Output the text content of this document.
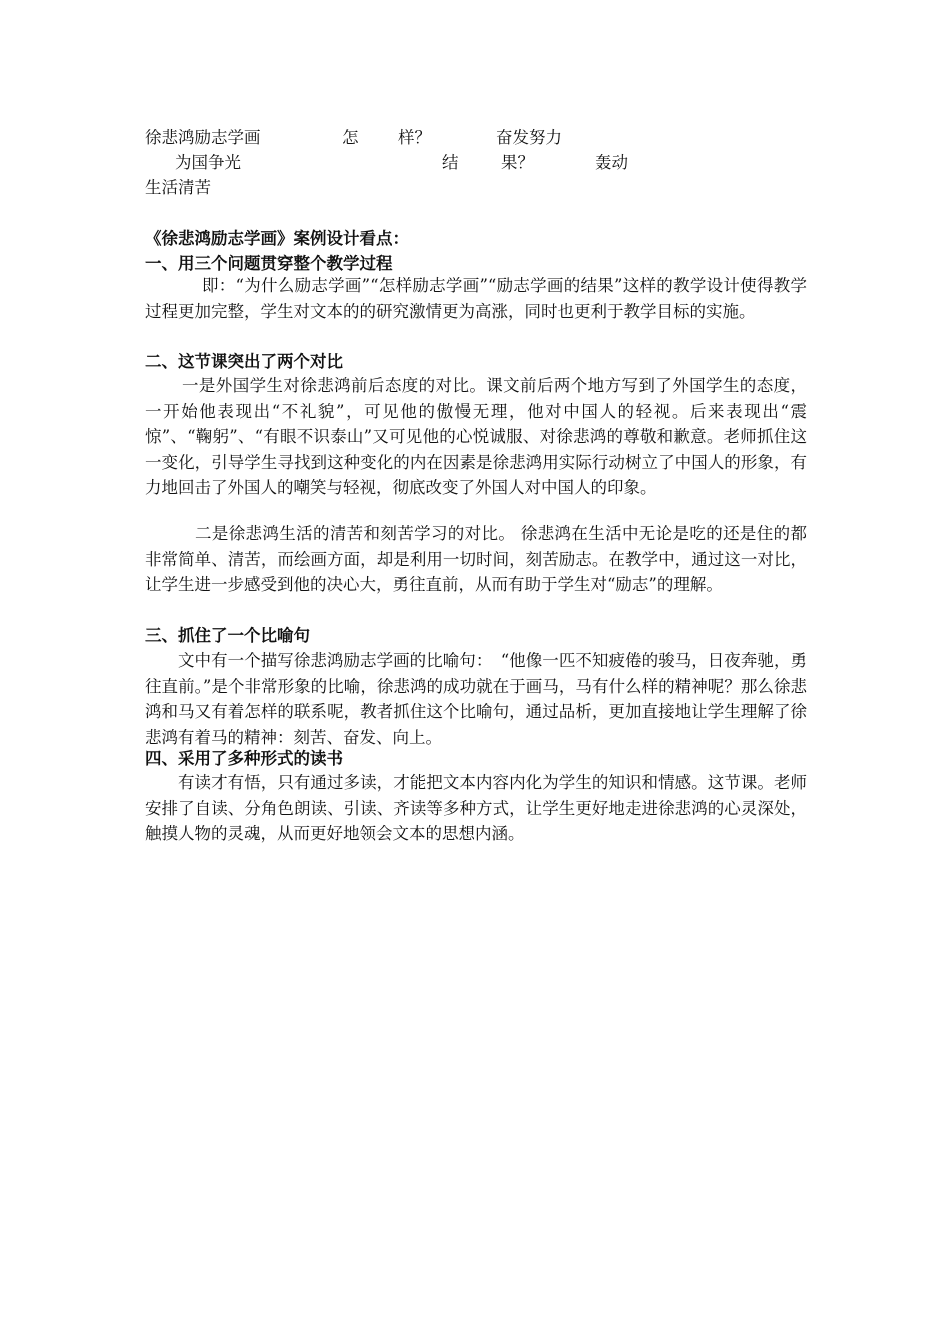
徐悲鸿励志学画	怎 样？	奋发努力
为国争光	结	果？	轰动
生活清苦
《徐悲鸿励志学画》案例设计看点：
一、用三个问题贯穿整个教学过程

即：“为什么励志学画”“怎样励志学画”“励志学画的结果”这样的教学设计使得教学过程更加完整，学生对文本的的研究激情更为高涨，同时也更利于教学目标的实施。

二、这节课突出了两个对比

一是外国学生对徐悲鸿前后态度的对比。课文前后两个地方写到了外国学生的态度，一开始他表现出“不礼貌”，可见他的傲慢无理，他对中国人的轻视。后来表现出“震惊”、“鞠躬”、“有眼不识泰山”又可见他的心悦诚服、对徐悲鸿的尊敬和歉意。老师抓住这一变化，引导学生寻找到这种变化的内在因素是徐悲鸿用实际行动树立了中国人的形象，有力地回击了外国人的嘲笑与轻视，彻底改变了外国人对中国人的印象。

二是徐悲鸿生活的清苦和刻苦学习的对比。 徐悲鸿在生活中无论是吃的还是住的都非常简单、清苦，而绘画方面，却是利用一切时间，刻苦励志。在教学中，通过这一对比，让学生进一步感受到他的决心大，勇往直前，从而有助于学生对“励志”的理解。

三、抓住了一个比喻句

文中有一个描写徐悲鸿励志学画的比喻句：　“他像一匹不知疲倦的骏马，日夜奔驰，勇往直前。”是个非常形象的比喻，徐悲鸿的成功就在于画马，马有什么样的精神呢？那么徐悲鸿和马又有着怎样的联系呢，教者抓住这个比喻句，通过品析，更加直接地让学生理解了徐悲鸿有着马的精神：刻苦、奋发、向上。

四、采用了多种形式的读书

有读才有悟，只有通过多读，才能把文本内容内化为学生的知识和情感。这节课。老师安排了自读、分角色朗读、引读、齐读等多种方式，让学生更好地走进徐悲鸿的心灵深处，触摸人物的灵魂，从而更好地领会文本的思想内涵。
